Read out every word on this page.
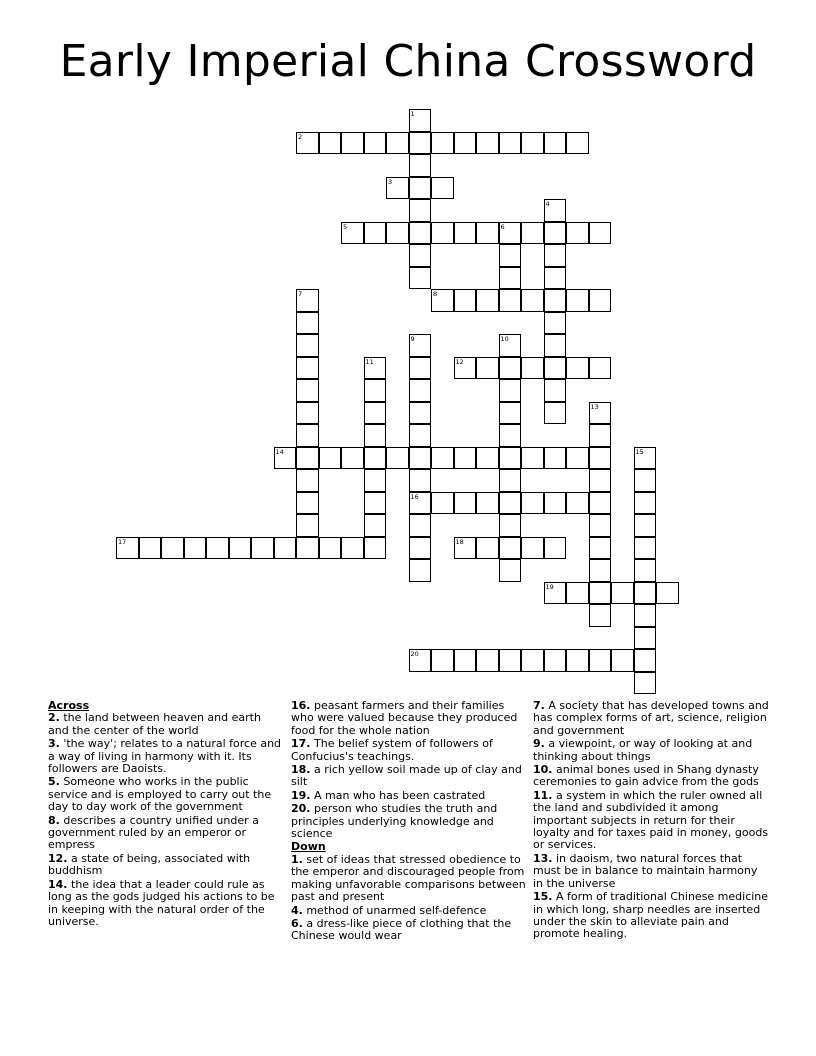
Early Imperial China Crossword
1
2
3
4
5	6
7	8
9
16
10
11	12
13
14	15
17	18
19
20
Across
2. the land between heaven and earth and the center of the world
3. 'the way'; relates to a natural force and a way of living in harmony with it. Its followers are Daoists.
5. Someone who works in the public service and is employed to carry out the day to day work of the government
8. describes a country unified under a government ruled by an emperor or empress
12. a state of being, associated with buddhism
14. the idea that a leader could rule as long as the gods judged his actions to be in keeping with the natural order of the universe.
16. peasant farmers and their families who were valued because they produced food for the whole nation
17. The belief system of followers of Confucius's teachings.
18. a rich yellow soil made up of clay and silt
19. A man who has been castrated
20. person who studies the truth and principles underlying knowledge and science
Down
1. set of ideas that stressed obedience to the emperor and discouraged people from making unfavorable comparisons between past and present
4. method of unarmed self-defence
6. a dress-like piece of clothing that the Chinese would wear
7. A society that has developed towns and has complex forms of art, science, religion and government
9. a viewpoint, or way of looking at and thinking about things
10. animal bones used in Shang dynasty ceremonies to gain advice from the gods
11. a system in which the ruler owned all the land and subdivided it among important subjects in return for their loyalty and for taxes paid in money, goods or services.
13. in daoism, two natural forces that must be in balance to maintain harmony in the universe
15. A form of traditional Chinese medicine in which long, sharp needles are inserted under the skin to alleviate pain and promote healing.
